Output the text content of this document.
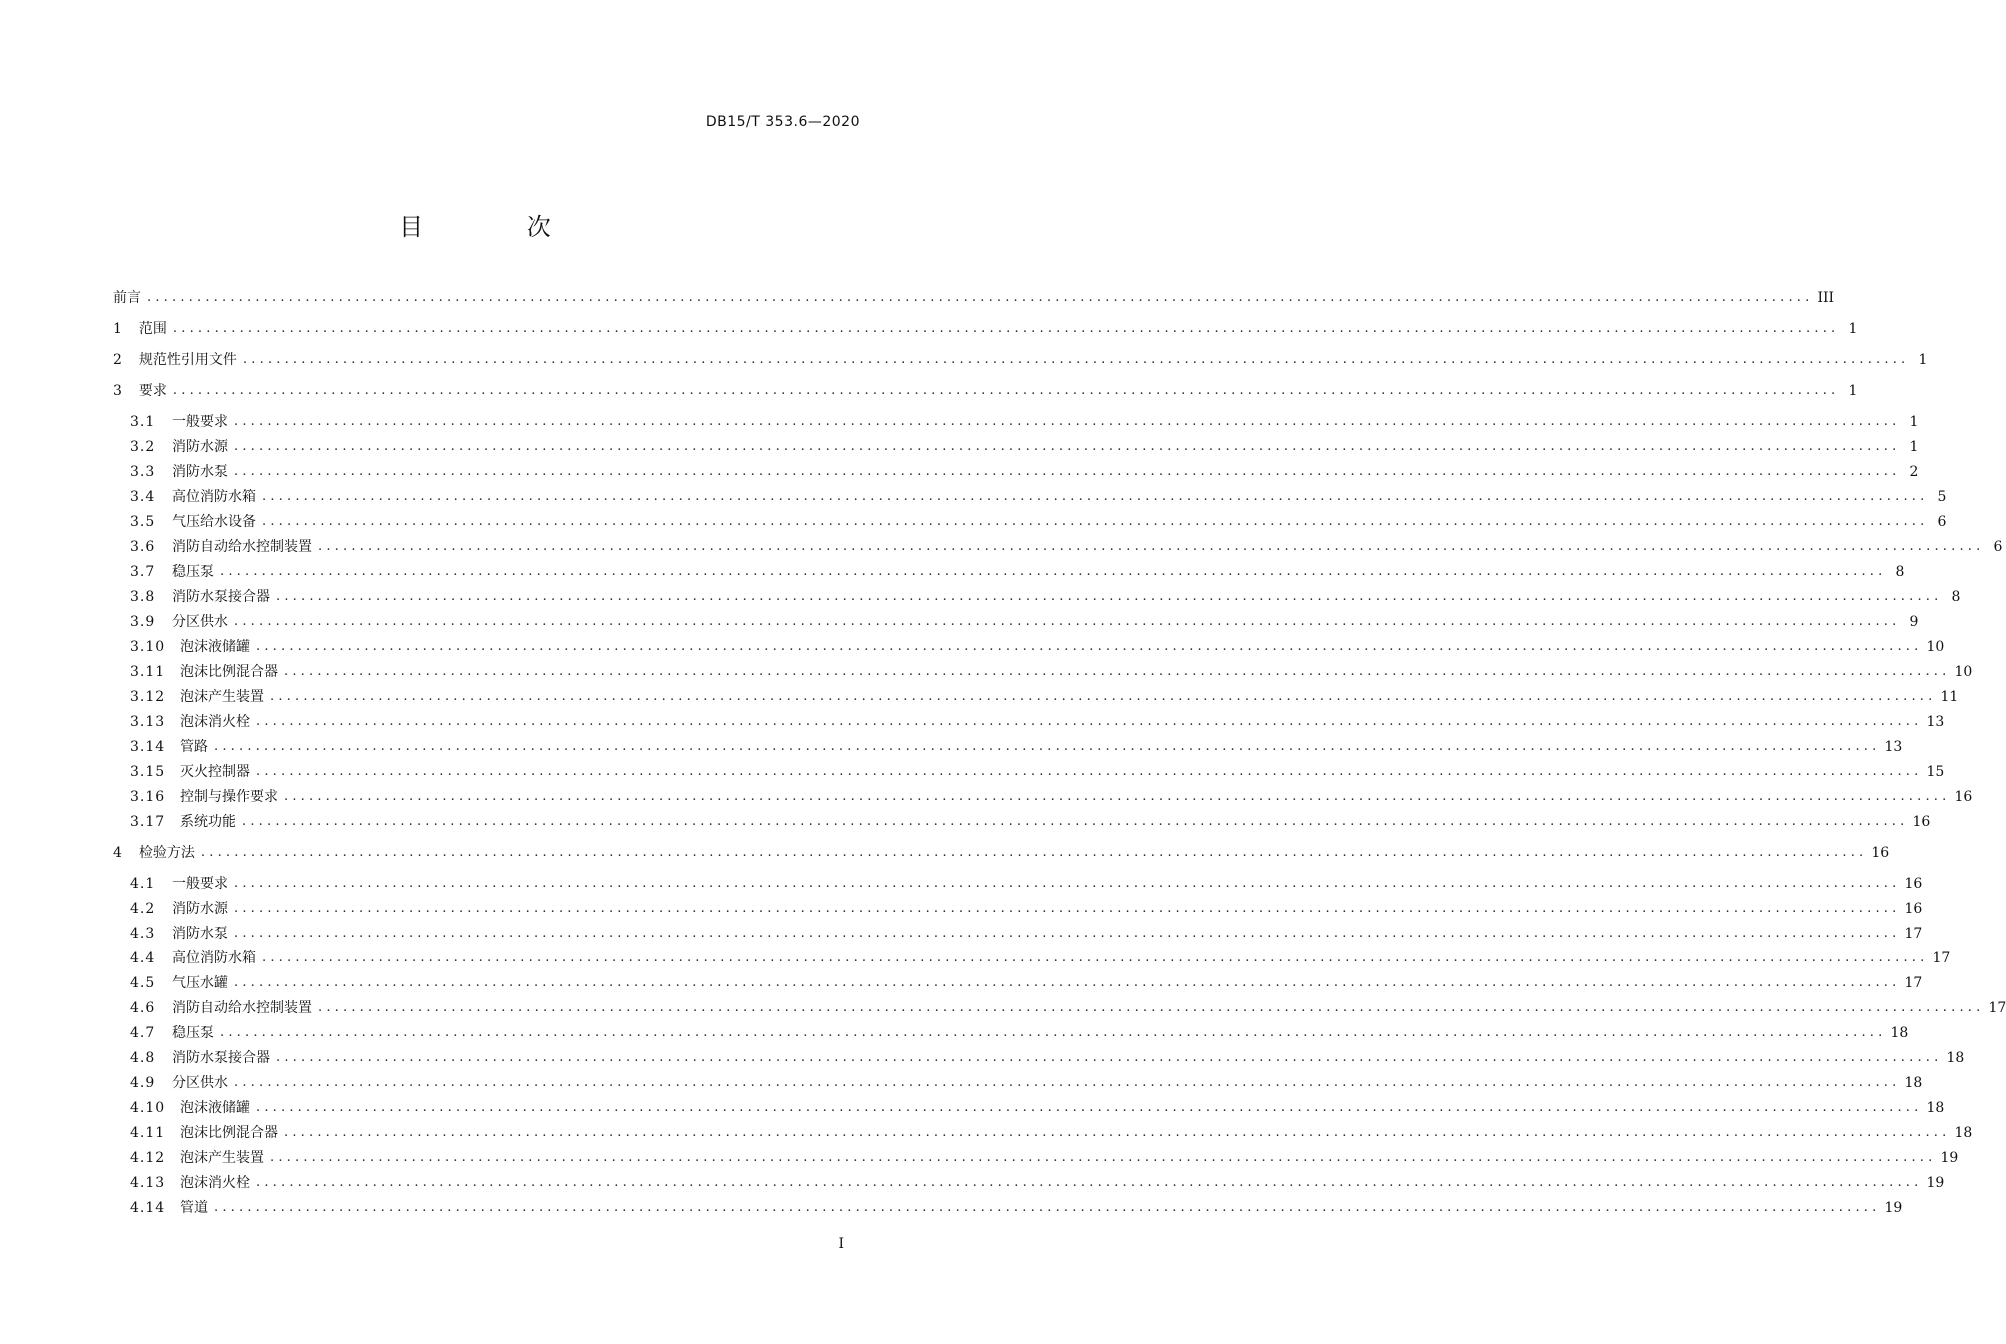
DB15/T 353.6—2020
目 次
前言 ........................................................................................................................................................................................................ III
1	范围 ........................................................................................................................................................................................................ 1
2	规范性引用文件 ........................................................................................................................................................................................................ 1
3	要求 ........................................................................................................................................................................................................ 1
3.1	一般要求 ........................................................................................................................................................................................................ 1
3.2	消防水源 ........................................................................................................................................................................................................ 1
3.3	消防水泵 ........................................................................................................................................................................................................ 2
3.4	高位消防水箱 ........................................................................................................................................................................................................ 5
3.5	气压给水设备 ........................................................................................................................................................................................................ 6
3.6	消防自动给水控制装置 ........................................................................................................................................................................................................ 6
3.7	稳压泵 ........................................................................................................................................................................................................ 8
3.8	消防水泵接合器 ........................................................................................................................................................................................................ 8
3.9	分区供水 ........................................................................................................................................................................................................ 9
3.10	泡沫液储罐 ........................................................................................................................................................................................................ 10
3.11	泡沫比例混合器 ........................................................................................................................................................................................................ 10
3.12	泡沫产生装置 ........................................................................................................................................................................................................ 11
3.13	泡沫消火栓 ........................................................................................................................................................................................................ 13
3.14	管路 ........................................................................................................................................................................................................ 13
3.15	灭火控制器 ........................................................................................................................................................................................................ 15
3.16	控制与操作要求 ........................................................................................................................................................................................................ 16
3.17	系统功能 ........................................................................................................................................................................................................ 16
4	检验方法 ........................................................................................................................................................................................................ 16
4.1	一般要求 ........................................................................................................................................................................................................ 16
4.2	消防水源 ........................................................................................................................................................................................................ 16
4.3	消防水泵 ........................................................................................................................................................................................................ 17
4.4	高位消防水箱 ........................................................................................................................................................................................................ 17
4.5	气压水罐 ........................................................................................................................................................................................................ 17
4.6	消防自动给水控制装置 ........................................................................................................................................................................................................ 17
4.7	稳压泵 ........................................................................................................................................................................................................ 18
4.8	消防水泵接合器 ........................................................................................................................................................................................................ 18
4.9	分区供水 ........................................................................................................................................................................................................ 18
4.10	泡沫液储罐 ........................................................................................................................................................................................................ 18
4.11	泡沫比例混合器 ........................................................................................................................................................................................................ 18
4.12	泡沫产生装置 ........................................................................................................................................................................................................ 19
4.13	泡沫消火栓 ........................................................................................................................................................................................................ 19
4.14	管道 ........................................................................................................................................................................................................ 19
I
